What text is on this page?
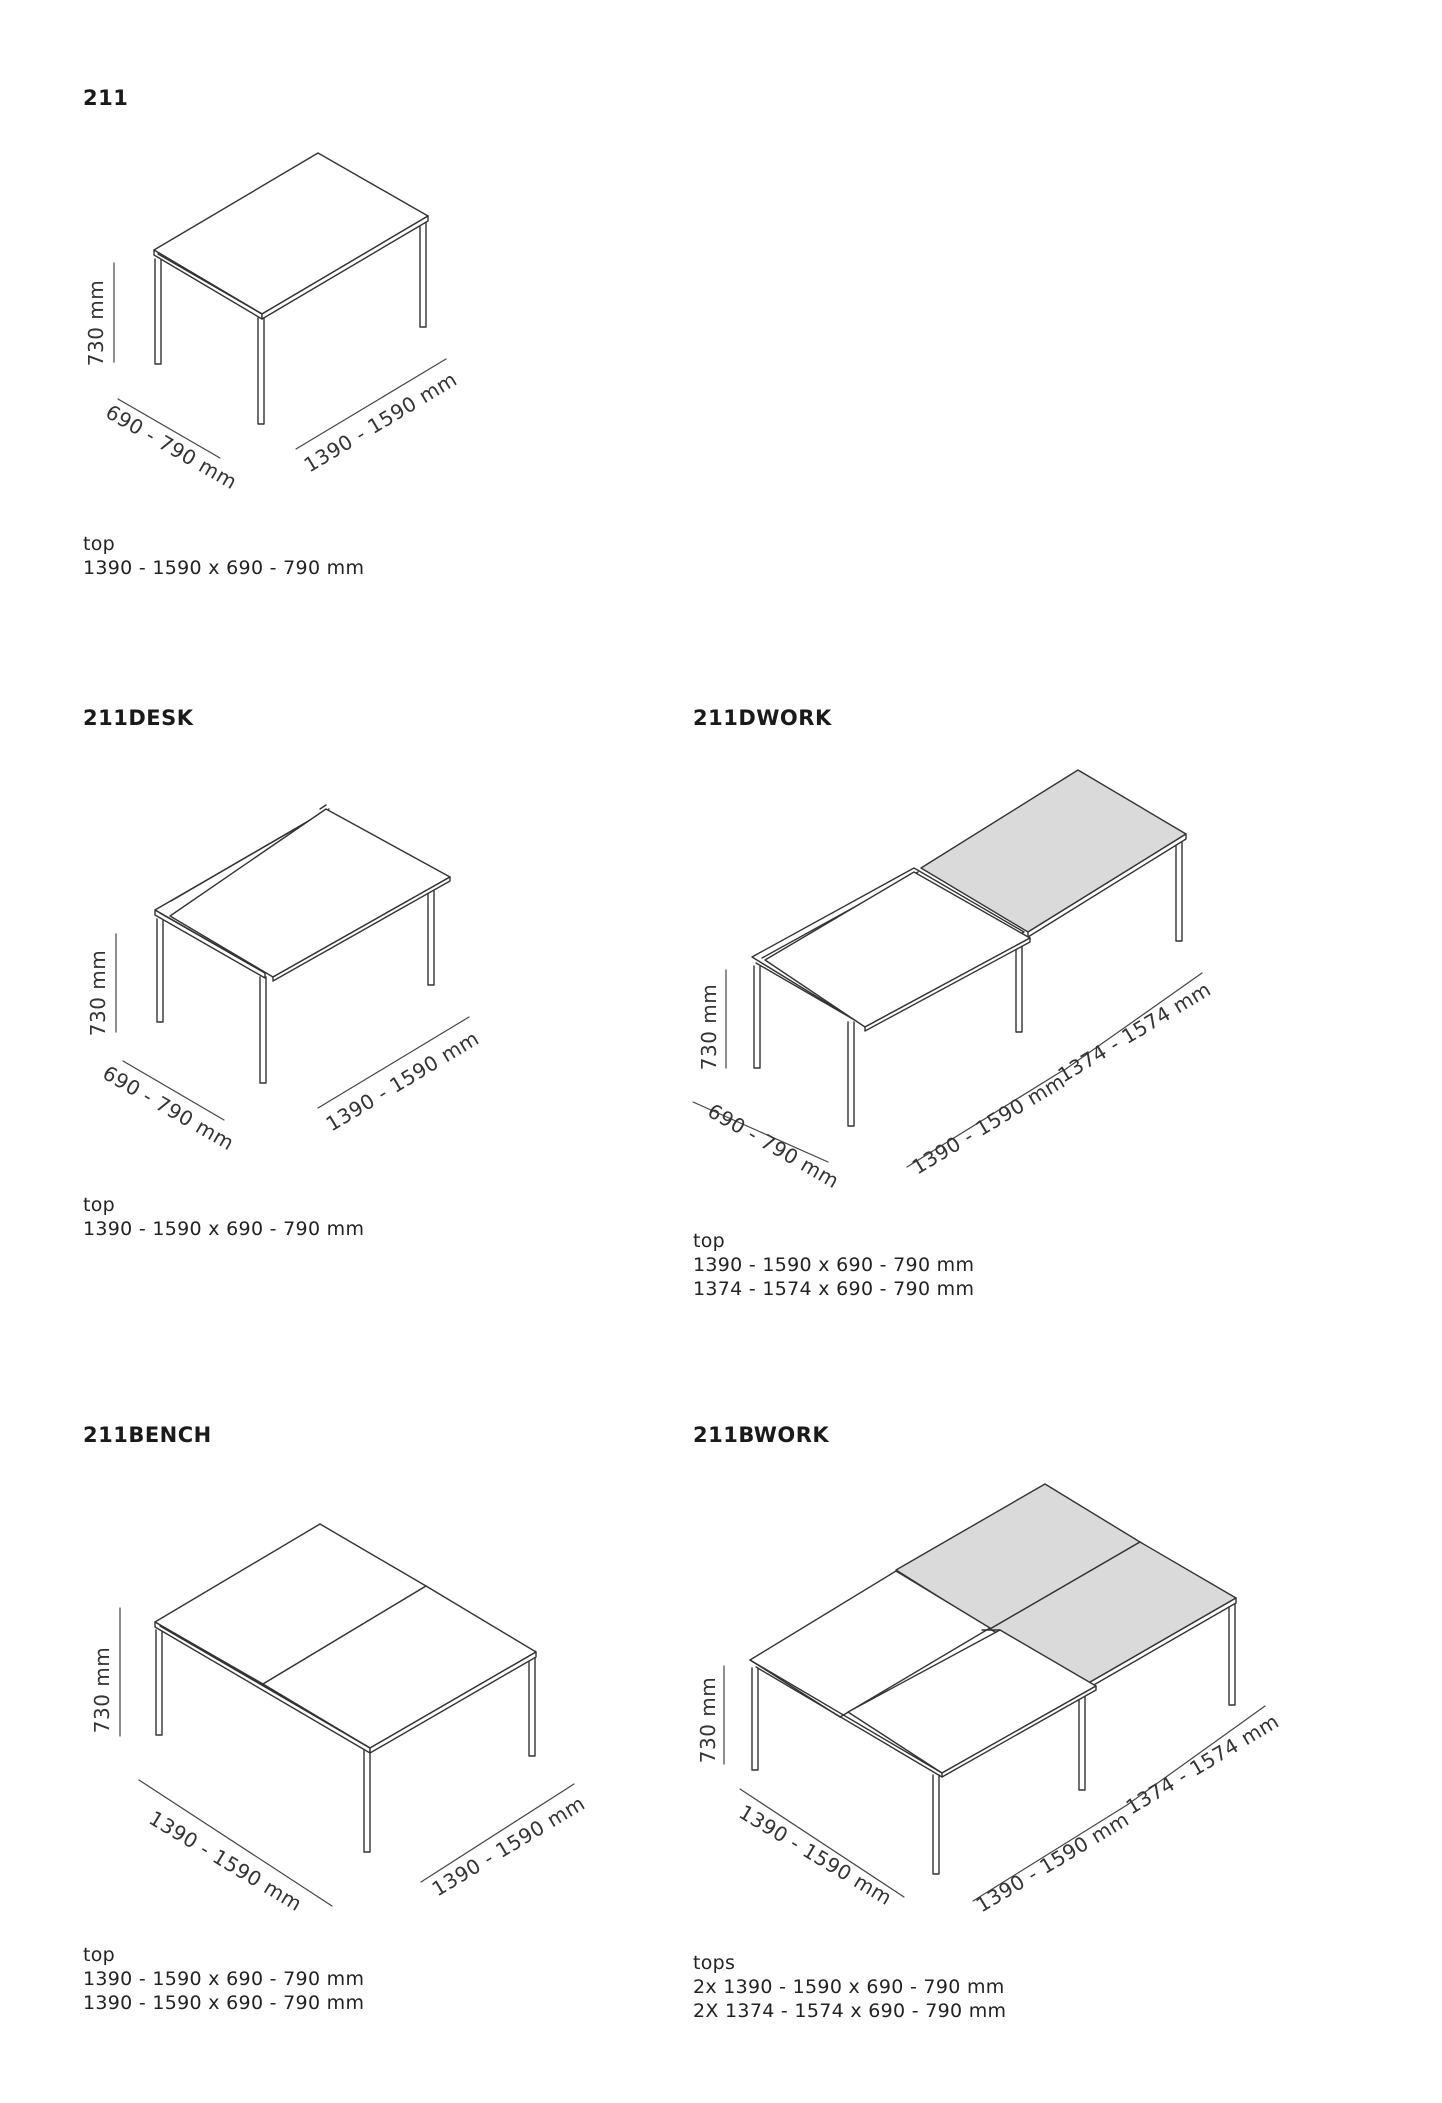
211
211DESK	211DWORK
211BENCH	211BWORK
top
1390 - 1590 x 690 - 790 mm
top
1390 - 1590 x 690 - 790 mm
top
1390 - 1590 x 690 - 790 mm
1374 - 1574 x 690 - 790 mm
top
1390 - 1590 x 690 - 790 mm
1390 - 1590 x 690 - 790 mm
tops
2x 1390 - 1590 x 690 - 790 mm
2X 1374 - 1574 x 690 - 790 mm
730 mm
690 - 790 mm	1390 - 1590 mm
730 mm
690 - 790 mm	1390 - 1590 mm	730 mm
690 - 790 mm	1390 - 1590 mm
1374 - 1574 mm
730 mm
1390 - 1590 mm	1390 - 1590 mm
730 mm
1390 - 1590 mm	1390 - 1590 mm
1374 - 1574 mm
